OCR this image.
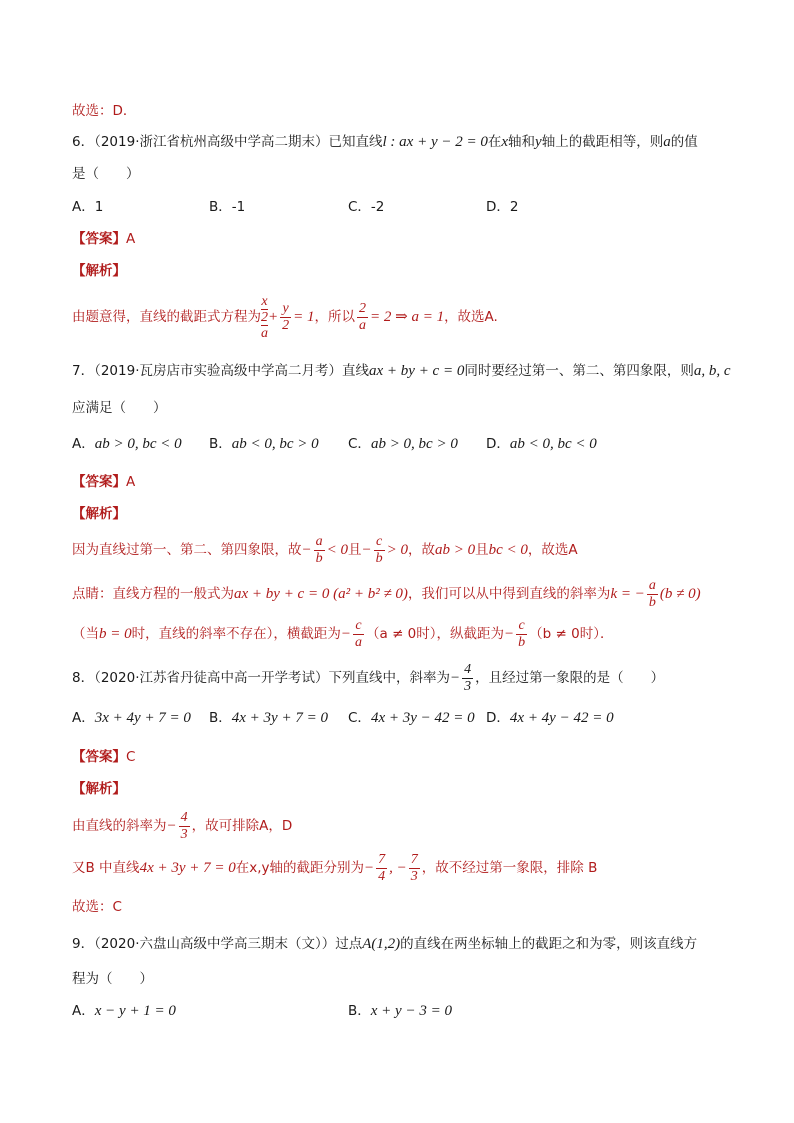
故选：D．
6．（2019·浙江省杭州高级中学高二期末）已知直线l : ax + y − 2 = 0在x轴和y轴上的截距相等，则a的值
是（　　）
A．1	B．-1	C．-2	D．2
【答案】A
【解析】
由题意得，直线的截距式方程为 x
2
$a + \frac{y}{2} = 1$，所以 $\frac{2}{a} = 2$ ⇒ a = 1，故选A.
7．（2019·瓦房店市实验高级中学高二月考）直线ax + by + c = 0同时要经过第一、第二、第四象限，则a, b, c
应满足（　　）
A．ab > 0, bc < 0 B．ab < 0, bc > 0 C．ab > 0, bc > 0 D．ab < 0, bc < 0
【答案】A
【解析】
因为直线过第一、第二、第四象限，故− $\frac{a}{b} < 0$且− $\frac{c}{b} > 0$，故ab > 0且bc < 0，故选A
点睛：直线方程的一般式为ax + by + c = 0 (a² + b² ≠ 0)，我们可以从中得到直线的斜率为k = − $\frac{a}{b} (b \ne 0)$
（当b = 0时，直线的斜率不存在），横截距为− $\frac{c}{a} (a \ne 0$时），纵截距为− $\frac{c}{b} (b \ne 0$时）．
8．（2020·江苏省丹徒高中高一开学考试）下列直线中，斜率为− $\frac{4}{3}$ ，且经过第一象限的是（　　）
A．3x + 4y + 7 = 0 B．4x + 3y + 7 = 0 C．4x + 3y − 42 = 0 D．4x + 4y − 42 = 0
【答案】C
【解析】
由直线的斜率为− $\frac{4}{3}$ ，故可排除A，D
又B 中直线4x + 3y + 7 = 0在x,y轴的截距分别为− $\frac{7}{4}$ , − $\frac{7}{3}$ ，故不经过第一象限，排除 B
故选：C
9．（2020·六盘山高级中学高三期末（文））过点A(1,2)的直线在两坐标轴上的截距之和为零，则该直线方
程为（　　）
A．x − y + 1 = 0	B．x + y − 3 = 0
